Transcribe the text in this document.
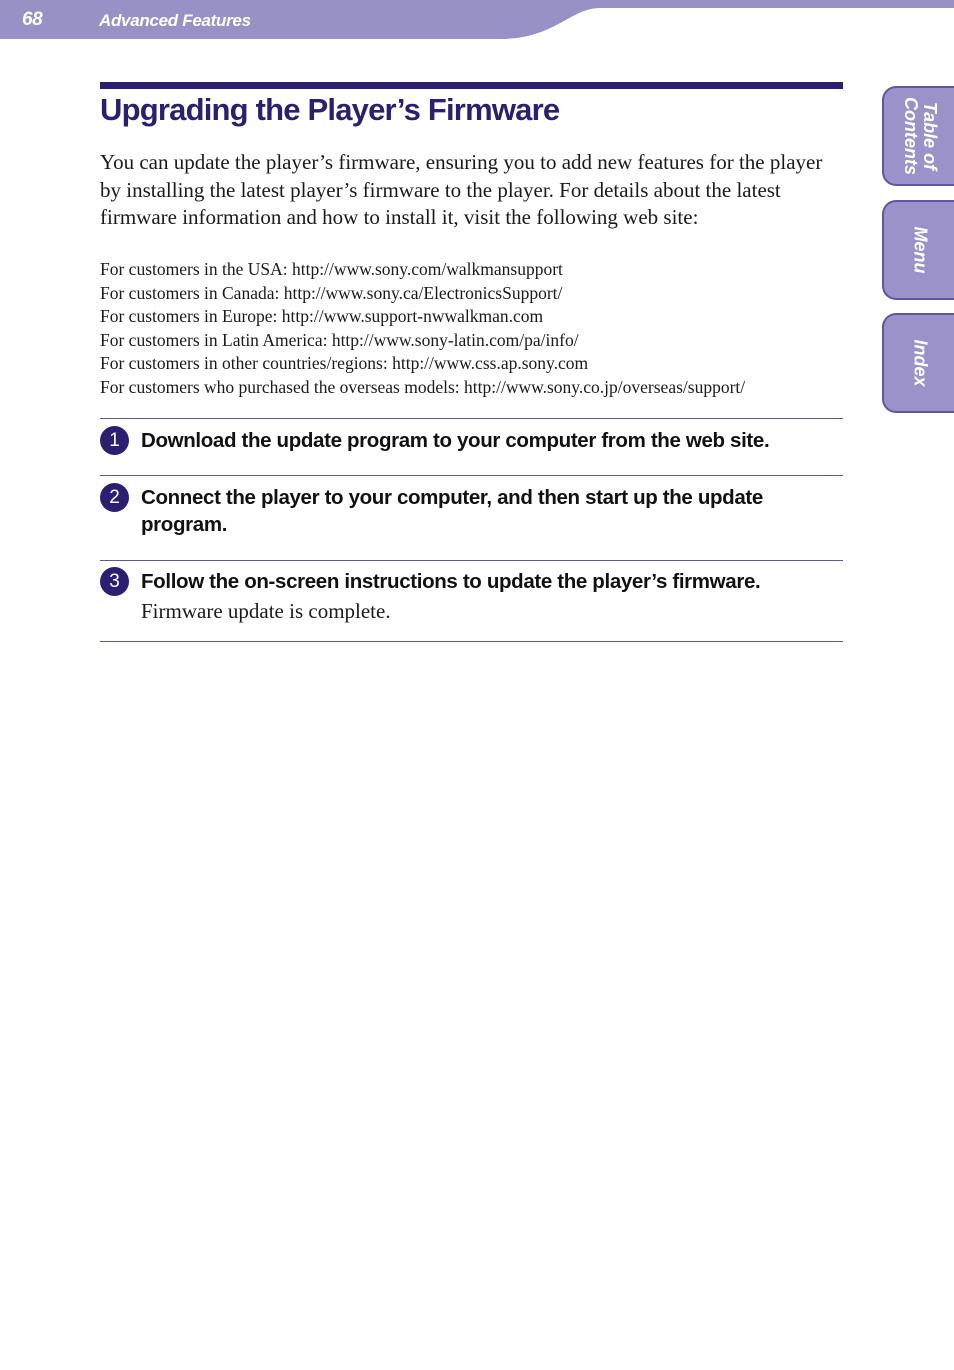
68	Advanced Features
Upgrading the Player’s Firmware

You can update the player’s firmware, ensuring you to add new features for the player by installing the latest player’s firmware to the player. For details about the latest firmware information and how to install it, visit the following web site:

For customers in the USA: http://www.sony.com/walkmansupport
For customers in Canada: http://www.sony.ca/ElectronicsSupport/
For customers in Europe: http://www.support-nwwalkman.com
For customers in Latin America: http://www.sony-latin.com/pa/info/
For customers in other countries/regions: http://www.css.ap.sony.com
For customers who purchased the overseas models: http://www.sony.co.jp/overseas/support/
1	Download the update program to your computer from the web site.

2	Connect the player to your computer, and then start up the update program.

3	Follow the on-screen instructions to update the player’s firmware.

Firmware update is complete.
Table of
Contents
Menu
Index
